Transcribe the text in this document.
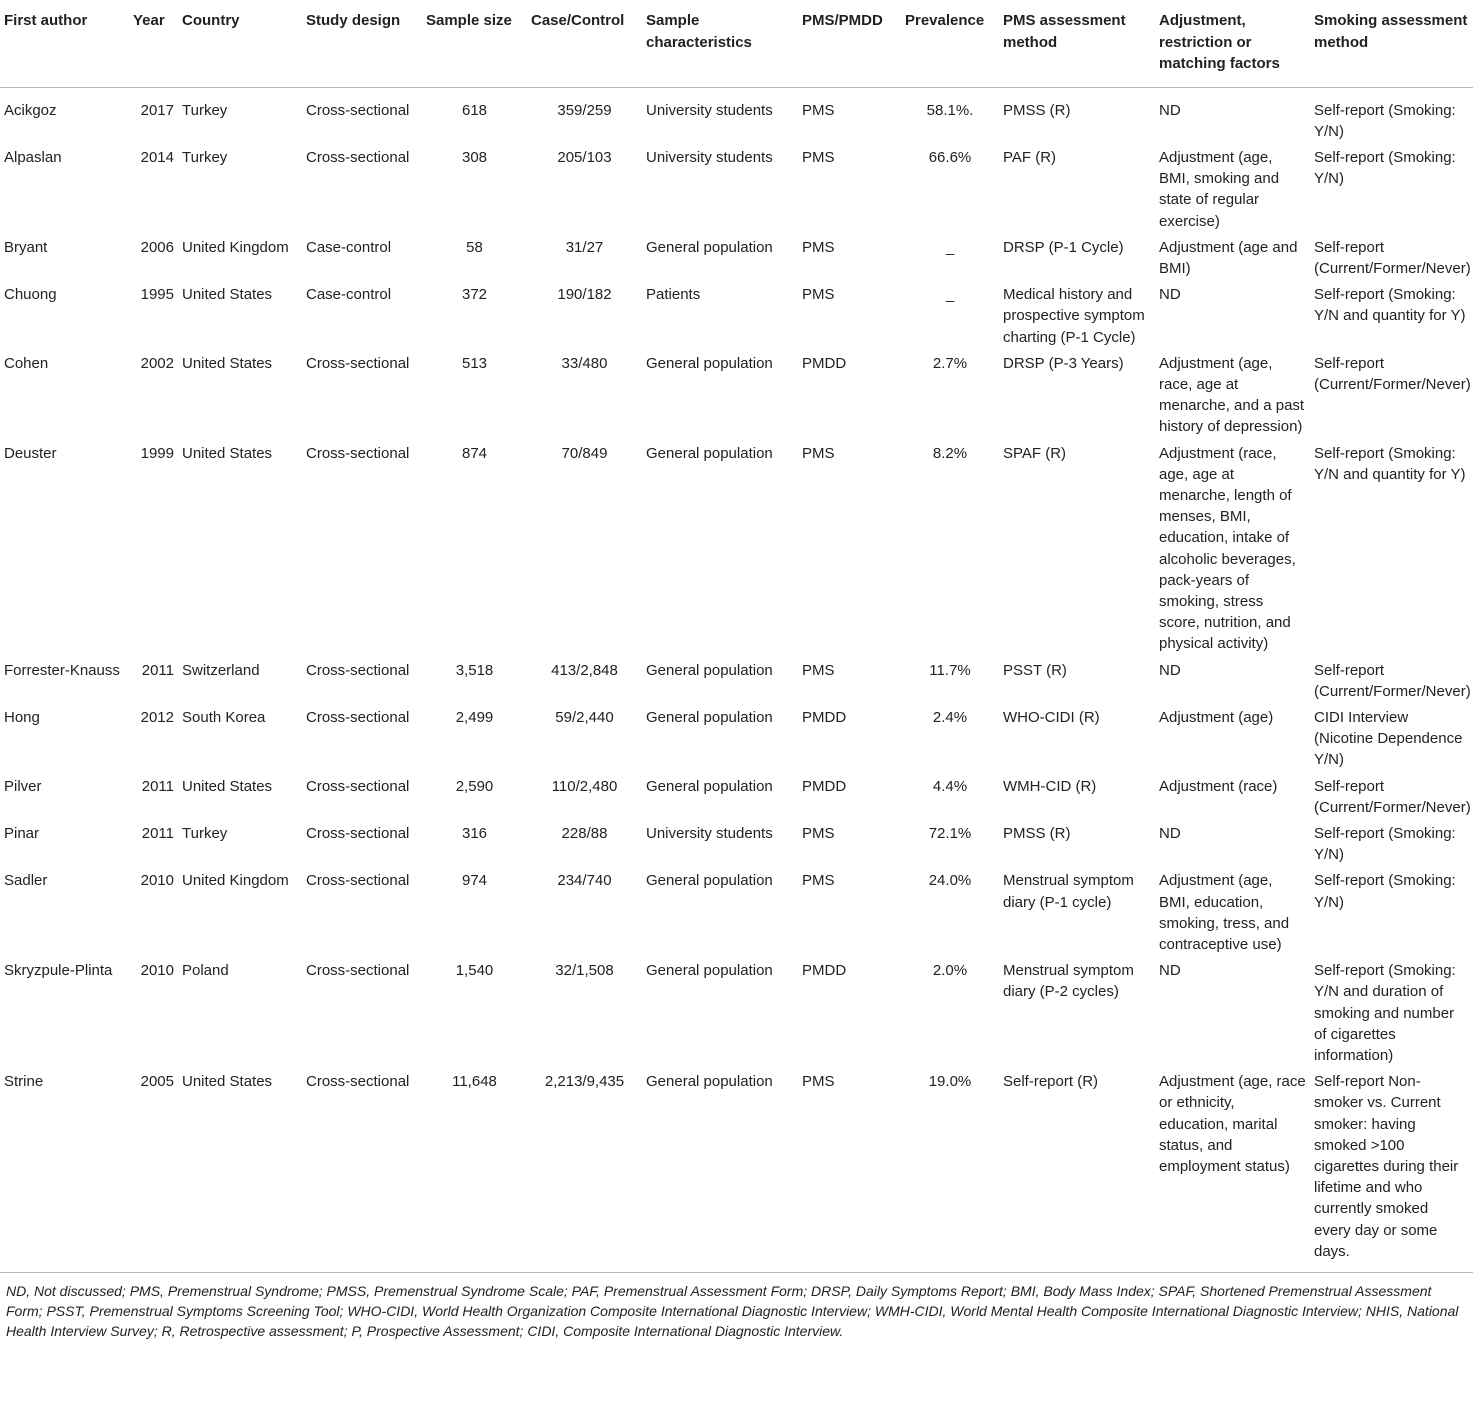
First author	Year	Country	Study design	Sample size	Case/Control	Sample characteristics	PMS/PMDD	Prevalence	PMS assessment method	Adjustment, restriction or matching factors	Smoking assessment method
Acikgoz	2017	Turkey	Cross-sectional	618	359/259	University students	PMS	58.1%.	PMSS (R)	ND	Self-report (Smoking: Y/N)
Alpaslan	2014	Turkey	Cross-sectional	308	205/103	University students	PMS	66.6%	PAF (R)	Adjustment (age, BMI, smoking and state of regular exercise)	Self-report (Smoking: Y/N)
Bryant	2006	United Kingdom	Case-control	58	31/27	General population	PMS	_	DRSP (P-1 Cycle)	Adjustment (age and BMI)	Self-report (Current/Former/Never)
Chuong	1995	United States	Case-control	372	190/182	Patients	PMS	_	Medical history and prospective symptom charting (P-1 Cycle)	ND	Self-report (Smoking: Y/N and quantity for Y)
Cohen	2002	United States	Cross-sectional	513	33/480	General population	PMDD	2.7%	DRSP (P-3 Years)	Adjustment (age, race, age at menarche, and a past history of depression)	Self-report (Current/Former/Never)
Deuster	1999	United States	Cross-sectional	874	70/849	General population	PMS	8.2%	SPAF (R)	Adjustment (race, age, age at menarche, length of menses, BMI, education, intake of alcoholic beverages, pack-years of smoking, stress score, nutrition, and physical activity)	Self-report (Smoking: Y/N and quantity for Y)
Forrester-Knauss	2011	Switzerland	Cross-sectional	3,518	413/2,848	General population	PMS	11.7%	PSST (R)	ND	Self-report (Current/Former/Never)
Hong	2012	South Korea	Cross-sectional	2,499	59/2,440	General population	PMDD	2.4%	WHO-CIDI (R)	Adjustment (age)	CIDI Interview (Nicotine Dependence Y/N)
Pilver	2011	United States	Cross-sectional	2,590	110/2,480	General population	PMDD	4.4%	WMH-CID (R)	Adjustment (race)	Self-report (Current/Former/Never)
Pinar	2011	Turkey	Cross-sectional	316	228/88	University students	PMS	72.1%	PMSS (R)	ND	Self-report (Smoking: Y/N)
Sadler	2010	United Kingdom	Cross-sectional	974	234/740	General population	PMS	24.0%	Menstrual symptom diary (P-1 cycle)	Adjustment (age, BMI, education, smoking, tress, and contraceptive use)	Self-report (Smoking: Y/N)
Skryzpule-Plinta	2010	Poland	Cross-sectional	1,540	32/1,508	General population	PMDD	2.0%	Menstrual symptom diary (P-2 cycles)	ND	Self-report (Smoking: Y/N and duration of smoking and number of cigarettes information)
Strine	2005	United States	Cross-sectional	11,648	2,213/9,435	General population	PMS	19.0%	Self-report (R)	Adjustment (age, race or ethnicity, education, marital status, and employment status)	Self-report Non-smoker vs. Current smoker: having smoked >100 cigarettes during their lifetime and who currently smoked every day or some days.
ND, Not discussed; PMS, Premenstrual Syndrome; PMSS, Premenstrual Syndrome Scale; PAF, Premenstrual Assessment Form; DRSP, Daily Symptoms Report; BMI, Body Mass Index; SPAF, Shortened Premenstrual Assessment Form; PSST, Premenstrual Symptoms Screening Tool; WHO-CIDI, World Health Organization Composite International Diagnostic Interview; WMH-CIDI, World Mental Health Composite International Diagnostic Interview; NHIS, National Health Interview Survey; R, Retrospective assessment; P, Prospective Assessment; CIDI, Composite International Diagnostic Interview.
